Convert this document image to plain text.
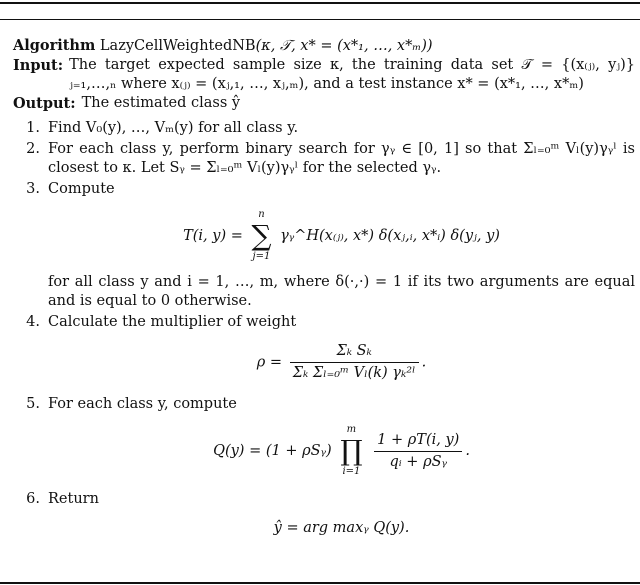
Algorithm LazyCellWeightedNB(κ, 𝒯, x* = (x*₁, …, x*ₘ))
Input: The target expected sample size κ, the training data set 𝒯 = {(x₍ⱼ₎, yⱼ)}ⱼ₌₁,…,ₙ where x₍ⱼ₎ = (xⱼ,₁, …, xⱼ,ₘ), and a test instance x* = (x*₁, …, x*ₘ)
Output: The estimated class ŷ
1. Find V₀(y), …, Vₘ(y) for all class y.
2. For each class y, perform binary search for γᵧ ∈ [0, 1] so that Σₗ₌₀ᵐ Vₗ(y)γᵧˡ is closest to κ. Let Sᵧ = Σₗ₌₀ᵐ Vₗ(y)γᵧˡ for the selected γᵧ.
3. Compute
T(i, y) =
n
∑
j=1
γᵧ^H(x₍ⱼ₎, x*) δ(xⱼ,ᵢ, x*ᵢ) δ(yⱼ, y)
for all class y and i = 1, …, m, where δ(·,·) = 1 if its two arguments are equal and is equal to 0 otherwise.
4. Calculate the multiplier of weight
$\rho = \frac{\text{Σₖ Sₖ}}{\text{Σₖ Σₗ₌₀ᵐ Vₗ(k) γₖ²ˡ}}$ .
5. For each class y, compute
Q(y) = (1 + ρSᵧ)
m
∏
i=1
$\frac{1 + \rho T(i, y)}{\text{qᵢ + ρSᵧ}}$ .
6. Return
ŷ = arg maxᵧ Q(y).
